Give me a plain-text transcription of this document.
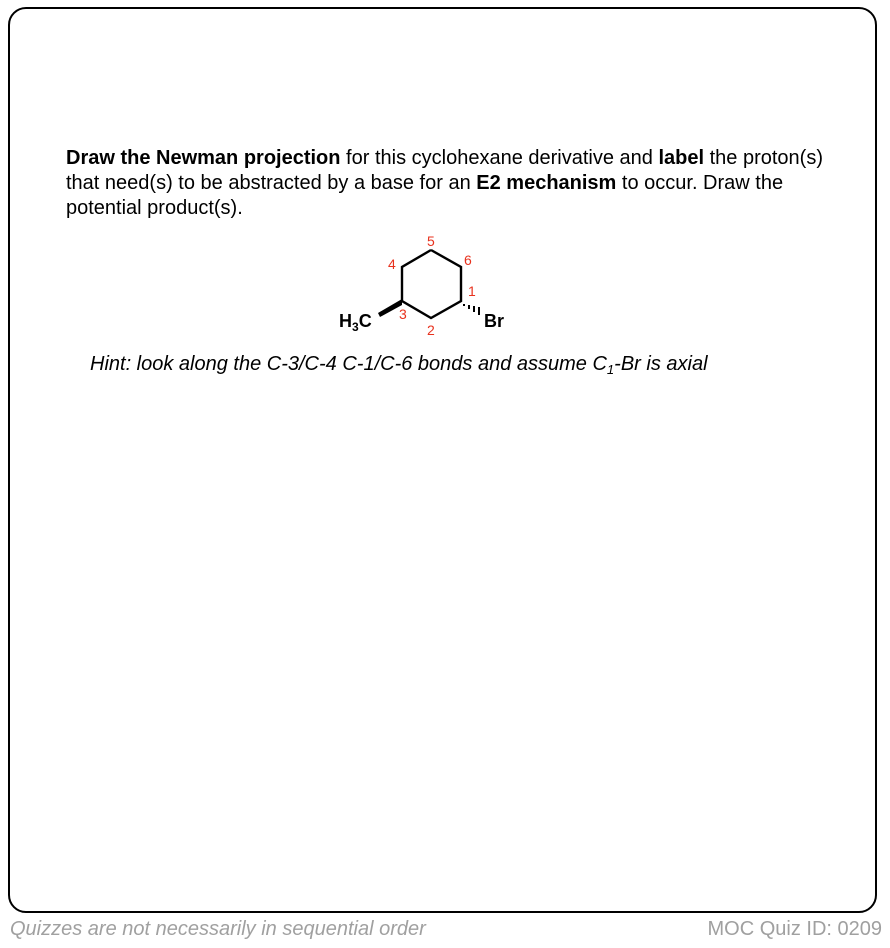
Draw the Newman projection for this cyclohexane derivative and label the proton(s) that need(s) to be abstracted by a base for an E2 mechanism to occur. Draw the potential product(s).

1
2
3
4
5
6
$H_3C$	Br

Hint: look along the C-3/C-4 C-1/C-6 bonds and assume $C_1-Br$ is axial

Quizzes are not necessarily in sequential order	MOC Quiz ID: 0209
